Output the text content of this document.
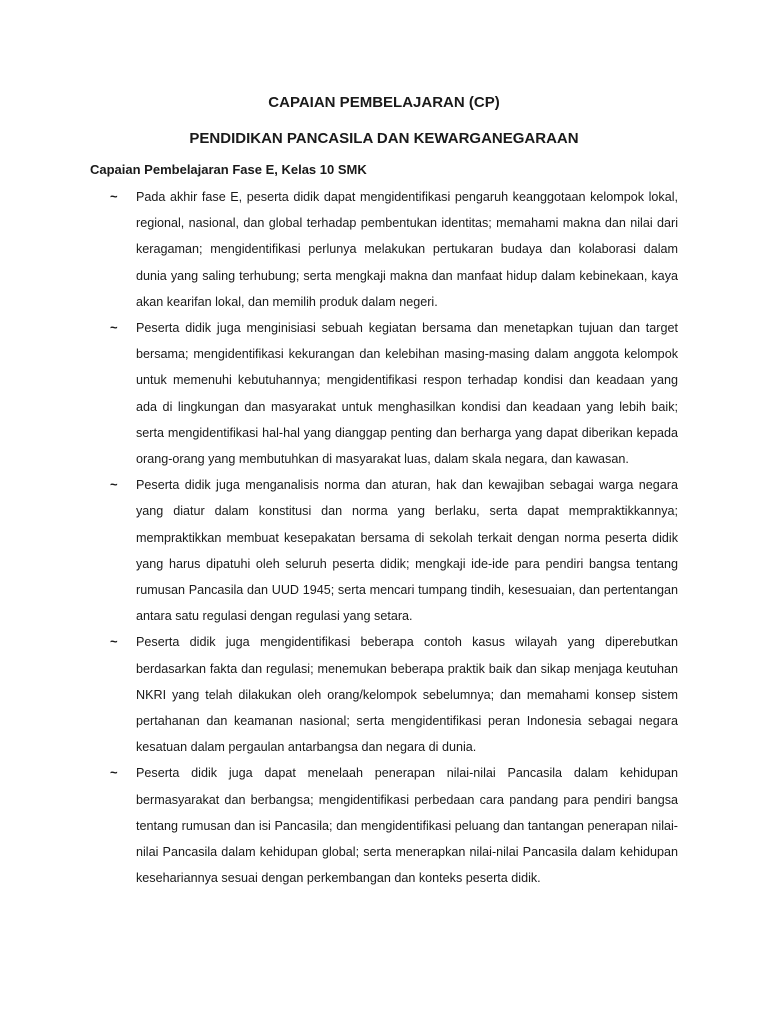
CAPAIAN PEMBELAJARAN (CP)
PENDIDIKAN PANCASILA DAN KEWARGANEGARAAN
Capaian Pembelajaran Fase E, Kelas 10 SMK
~ Pada akhir fase E, peserta didik dapat mengidentifikasi pengaruh keanggotaan kelompok lokal, regional, nasional, dan global terhadap pembentukan identitas; memahami makna dan nilai dari keragaman; mengidentifikasi perlunya melakukan pertukaran budaya dan kolaborasi dalam dunia yang saling terhubung; serta mengkaji makna dan manfaat hidup dalam kebinekaan, kaya akan kearifan lokal, dan memilih produk dalam negeri.
~ Peserta didik juga menginisiasi sebuah kegiatan bersama dan menetapkan tujuan dan target bersama; mengidentifikasi kekurangan dan kelebihan masing-masing dalam anggota kelompok untuk memenuhi kebutuhannya; mengidentifikasi respon terhadap kondisi dan keadaan yang ada di lingkungan dan masyarakat untuk menghasilkan kondisi dan keadaan yang lebih baik; serta mengidentifikasi hal-hal yang dianggap penting dan berharga yang dapat diberikan kepada orang-orang yang membutuhkan di masyarakat luas, dalam skala negara, dan kawasan.
~ Peserta didik juga menganalisis norma dan aturan, hak dan kewajiban sebagai warga negara yang diatur dalam konstitusi dan norma yang berlaku, serta dapat mempraktikkannya; mempraktikkan membuat kesepakatan bersama di sekolah terkait dengan norma peserta didik yang harus dipatuhi oleh seluruh peserta didik; mengkaji ide-ide para pendiri bangsa tentang rumusan Pancasila dan UUD 1945; serta mencari tumpang tindih, kesesuaian, dan pertentangan antara satu regulasi dengan regulasi yang setara.
~ Peserta didik juga mengidentifikasi beberapa contoh kasus wilayah yang diperebutkan berdasarkan fakta dan regulasi; menemukan beberapa praktik baik dan sikap menjaga keutuhan NKRI yang telah dilakukan oleh orang/kelompok sebelumnya; dan memahami konsep sistem pertahanan dan keamanan nasional; serta mengidentifikasi peran Indonesia sebagai negara kesatuan dalam pergaulan antarbangsa dan negara di dunia.
~ Peserta didik juga dapat menelaah penerapan nilai-nilai Pancasila dalam kehidupan bermasyarakat dan berbangsa; mengidentifikasi perbedaan cara pandang para pendiri bangsa tentang rumusan dan isi Pancasila; dan mengidentifikasi peluang dan tantangan penerapan nilai-nilai Pancasila dalam kehidupan global; serta menerapkan nilai-nilai Pancasila dalam kehidupan kesehariannya sesuai dengan perkembangan dan konteks peserta didik.
